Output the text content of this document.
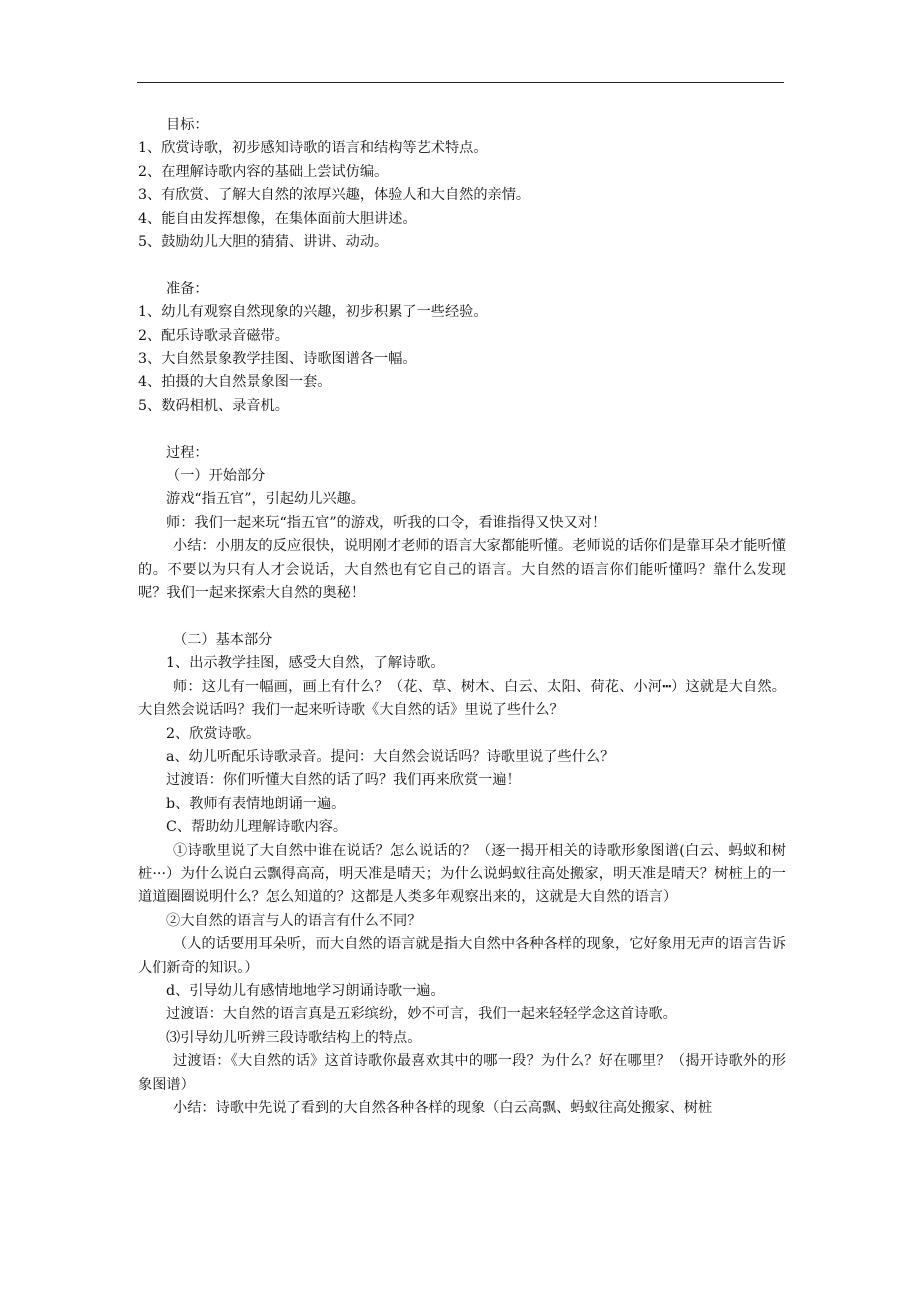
目标：
1、欣赏诗歌，初步感知诗歌的语言和结构等艺术特点。
2、在理解诗歌内容的基础上尝试仿编。
3、有欣赏、了解大自然的浓厚兴趣，体验人和大自然的亲情。
4、能自由发挥想像，在集体面前大胆讲述。
5、鼓励幼儿大胆的猜猜、讲讲、动动。
准备：
1、幼儿有观察自然现象的兴趣，初步积累了一些经验。
2、配乐诗歌录音磁带。
3、大自然景象教学挂图、诗歌图谱各一幅。
4、拍摄的大自然景象图一套。
5、数码相机、录音机。
过程：
（一）开始部分
游戏“指五官”，引起幼儿兴趣。
师：我们一起来玩“指五官”的游戏，听我的口令，看谁指得又快又对！

小结：小朋友的反应很快，说明刚才老师的语言大家都能听懂。老师说的话你们是靠耳朵才能听懂的。不要以为只有人才会说话，大自然也有它自己的语言。大自然的语言你们能听懂吗？靠什么发现呢？我们一起来探索大自然的奥秘！

（二）基本部分
1、出示教学挂图，感受大自然，了解诗歌。

师：这儿有一幅画，画上有什么？（花、草、树木、白云、太阳、荷花、小河┅）这就是大自然。大自然会说话吗？我们一起来听诗歌《大自然的话》里说了些什么？

2、欣赏诗歌。
a、幼儿听配乐诗歌录音。提问：大自然会说话吗？诗歌里说了些什么？
过渡语：你们听懂大自然的话了吗？我们再来欣赏一遍！
b、教师有表情地朗诵一遍。
C、帮助幼儿理解诗歌内容。

①诗歌里说了大自然中谁在说话？怎么说话的？（逐一揭开相关的诗歌形象图谱(白云、蚂蚁和树桩···）为什么说白云飘得高高，明天准是晴天；为什么说蚂蚁往高处搬家，明天准是晴天？树桩上的一道道圈圈说明什么？怎么知道的？这都是人类多年观察出来的，这就是大自然的语言）

②大自然的语言与人的语言有什么不同？

（人的话要用耳朵听，而大自然的语言就是指大自然中各种各样的现象，它好象用无声的语言告诉人们新奇的知识。）

d、引导幼儿有感情地地学习朗诵诗歌一遍。
过渡语：大自然的语言真是五彩缤纷，妙不可言，我们一起来轻轻学念这首诗歌。
⑶引导幼儿听辨三段诗歌结构上的特点。

过渡语：《大自然的话》这首诗歌你最喜欢其中的哪一段？为什么？好在哪里？（揭开诗歌外的形象图谱）

小结：诗歌中先说了看到的大自然各种各样的现象（白云高飘、蚂蚁往高处搬家、树桩
